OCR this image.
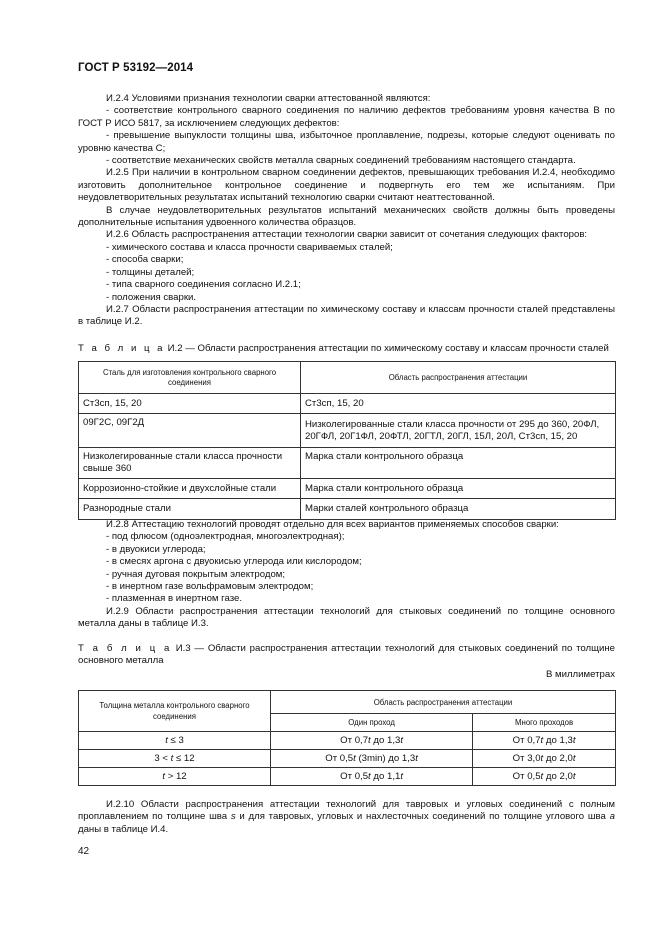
ГОСТ Р 53192—2014

И.2.4 Условиями признания технологии сварки аттестованной являются:

- соответствие контрольного сварного соединения по наличию дефектов требованиям уровня качества В по ГОСТ Р ИСО 5817, за исключением следующих дефектов:

- превышение выпуклости толщины шва, избыточное проплавление, подрезы, которые следуют оценивать по уровню качества С;

- соответствие механических свойств металла сварных соединений требованиям настоящего стандарта.

И.2.5 При наличии в контрольном сварном соединении дефектов, превышающих требования И.2.4, необходимо изготовить дополнительное контрольное соединение и подвергнуть его тем же испытаниям. При неудовлетворительных результатах испытаний технологию сварки считают неаттестованной.

В случае неудовлетворительных результатов испытаний механических свойств должны быть проведены дополнительные испытания удвоенного количества образцов.

И.2.6 Область распространения аттестации технологии сварки зависит от сочетания следующих факторов:

- химического состава и класса прочности свариваемых сталей;

- способа сварки;

- толщины деталей;

- типа сварного соединения согласно И.2.1;

- положения сварки.

И.2.7 Области распространения аттестации по химическому составу и классам прочности сталей представлены в таблице И.2.

Т а б л и ц а И.2 — Области распространения аттестации по химическому составу и классам прочности сталей
Сталь для изготовления контрольного сварного соединения	Область распространения аттестации
Ст3сп, 15, 20	Ст3сп, 15, 20
09Г2С, 09Г2Д	Низколегированные стали класса прочности от 295 до 360, 20ФЛ, 20ГФЛ, 20Г1ФЛ, 20ФТЛ, 20ГТЛ, 20ГЛ, 15Л, 20Л, Ст3сп, 15, 20
Низколегированные стали класса прочности свыше 360	Марка стали контрольного образца
Коррозионно-стойкие и двухслойные стали	Марка стали контрольного образца
Разнородные стали	Марки сталей контрольного образца

И.2.8 Аттестацию технологий проводят отдельно для всех вариантов применяемых способов сварки:

- под флюсом (одноэлектродная, многоэлектродная);

- в двуокиси углерода;

- в смесях аргона с двуокисью углерода или кислородом;

- ручная дуговая покрытым электродом;

- в инертном газе вольфрамовым электродом;

- плазменная в инертном газе.

И.2.9 Области распространения аттестации технологий для стыковых соединений по толщине основного металла даны в таблице И.3.

Т а б л и ц а И.3 — Области распространения аттестации технологий для стыковых соединений по толщине основного металла
В миллиметрах
Толщина металла контрольного сварного соединения	Область распространения аттестации	
	Один проход	Много проходов
t ≤ 3	От 0,7t до 1,3t	От 0,7t до 1,3t
3 < t ≤ 12	От 0,5t (3min) до 1,3t	От 3,0t до 2,0t
t > 12	От 0,5t до 1,1t	От 0,5t до 2,0t

И.2.10 Области распространения аттестации технологий для тавровых и угловых соединений с полным проплавлением по толщине шва s и для тавровых, угловых и нахлесточных соединений по толщине углового шва a даны в таблице И.4.

42
